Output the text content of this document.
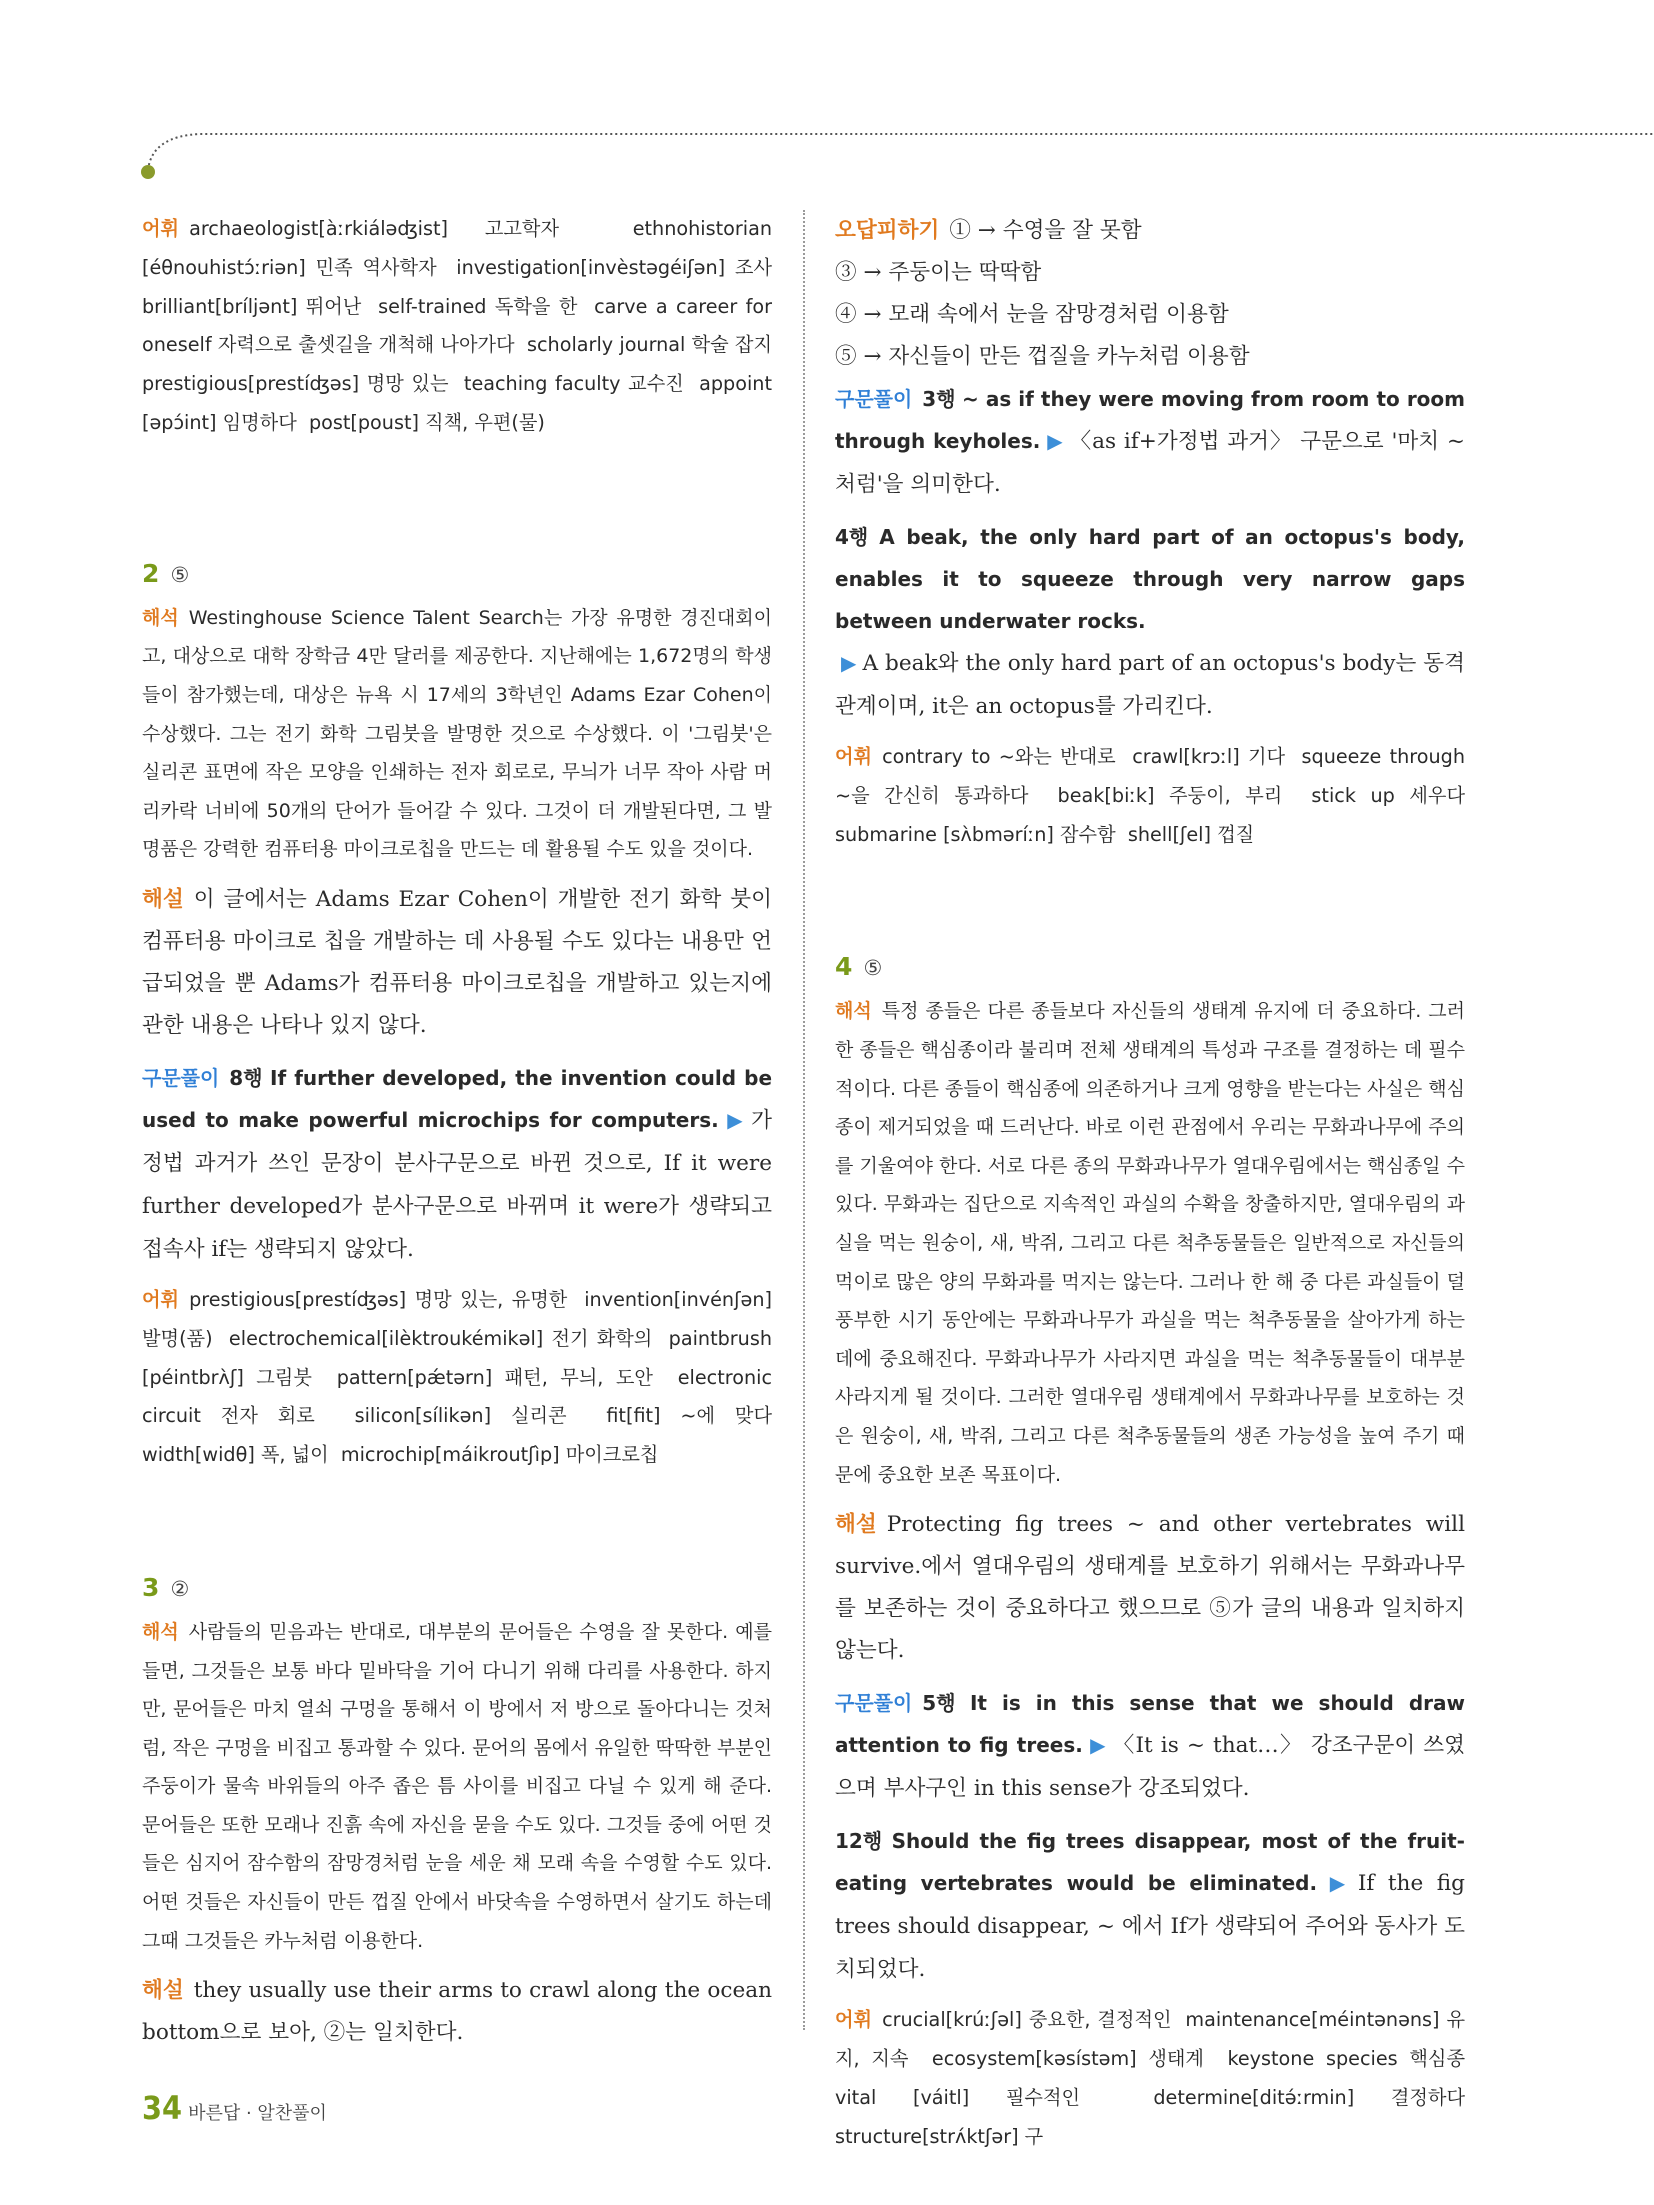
어휘 archaeologist[àːrkiáləʤist] 고고학자  ethnohistorian [éθnouhistɔ́ːriən] 민족 역사학자  investigation[invèstəgéiʃən] 조사  brilliant[bríljənt] 뛰어난  self-trained 독학을 한  carve a career for oneself 자력으로 출셋길을 개척해 나아가다  scholarly journal 학술 잡지  prestigious[prestíʤəs] 명망 있는  teaching faculty 교수진  appoint [əpɔ́int] 임명하다  post[poust] 직책, 우편(물)
2 ⑤
해석 Westinghouse Science Talent Search는 가장 유명한 경진대회이고, 대상으로 대학 장학금 4만 달러를 제공한다. 지난해에는 1,672명의 학생들이 참가했는데, 대상은 뉴욕 시 17세의 3학년인 Adams Ezar Cohen이 수상했다. 그는 전기 화학 그림붓을 발명한 것으로 수상했다. 이 '그림붓'은 실리콘 표면에 작은 모양을 인쇄하는 전자 회로로, 무늬가 너무 작아 사람 머리카락 너비에 50개의 단어가 들어갈 수 있다. 그것이 더 개발된다면, 그 발명품은 강력한 컴퓨터용 마이크로칩을 만드는 데 활용될 수도 있을 것이다.
해설 이 글에서는 Adams Ezar Cohen이 개발한 전기 화학 붓이 컴퓨터용 마이크로 칩을 개발하는 데 사용될 수도 있다는 내용만 언급되었을 뿐 Adams가 컴퓨터용 마이크로칩을 개발하고 있는지에 관한 내용은 나타나 있지 않다.
구문풀이 8행 If further developed, the invention could be used to make powerful microchips for computers. ▶ 가정법 과거가 쓰인 문장이 분사구문으로 바뀐 것으로, If it were further developed가 분사구문으로 바뀌며 it were가 생략되고 접속사 if는 생략되지 않았다.
어휘 prestigious[prestíʤəs] 명망 있는, 유명한  invention[invénʃən] 발명(품)  electrochemical[ilèktroukémikəl] 전기 화학의  paintbrush [péintbrʌ̀ʃ] 그림붓  pattern[pǽtərn] 패턴, 무늬, 도안  electronic circuit 전자 회로  silicon[sílikən] 실리콘  fit[fit] ~에 맞다  width[widθ] 폭, 넓이  microchip[máikroutʃìp] 마이크로칩
3 ②
해석 사람들의 믿음과는 반대로, 대부분의 문어들은 수영을 잘 못한다. 예를 들면, 그것들은 보통 바다 밑바닥을 기어 다니기 위해 다리를 사용한다. 하지만, 문어들은 마치 열쇠 구멍을 통해서 이 방에서 저 방으로 돌아다니는 것처럼, 작은 구멍을 비집고 통과할 수 있다. 문어의 몸에서 유일한 딱딱한 부분인 주둥이가 물속 바위들의 아주 좁은 틈 사이를 비집고 다닐 수 있게 해 준다. 문어들은 또한 모래나 진흙 속에 자신을 묻을 수도 있다. 그것들 중에 어떤 것들은 심지어 잠수함의 잠망경처럼 눈을 세운 채 모래 속을 수영할 수도 있다. 어떤 것들은 자신들이 만든 껍질 안에서 바닷속을 수영하면서 살기도 하는데 그때 그것들은 카누처럼 이용한다.
해설 they usually use their arms to crawl along the ocean bottom으로 보아, ②는 일치한다.
오답피하기 ① → 수영을 잘 못함
③ → 주둥이는 딱딱함
④ → 모래 속에서 눈을 잠망경처럼 이용함
⑤ → 자신들이 만든 껍질을 카누처럼 이용함
구문풀이 3행 ~ as if they were moving from room to room through keyholes. ▶ 〈as if+가정법 과거〉 구문으로 '마치 ~처럼'을 의미한다.
4행 A beak, the only hard part of an octopus's body, enables it to squeeze through very narrow gaps between underwater rocks.
▶ A beak와 the only hard part of an octopus's body는 동격관계이며, it은 an octopus를 가리킨다.
어휘 contrary to ~와는 반대로  crawl[krɔːl] 기다  squeeze through ~을 간신히 통과하다  beak[biːk] 주둥이, 부리  stick up 세우다  submarine [sʌ̀bməríːn] 잠수함  shell[ʃel] 껍질
4 ⑤
해석 특정 종들은 다른 종들보다 자신들의 생태계 유지에 더 중요하다. 그러한 종들은 핵심종이라 불리며 전체 생태계의 특성과 구조를 결정하는 데 필수적이다. 다른 종들이 핵심종에 의존하거나 크게 영향을 받는다는 사실은 핵심종이 제거되었을 때 드러난다. 바로 이런 관점에서 우리는 무화과나무에 주의를 기울여야 한다. 서로 다른 종의 무화과나무가 열대우림에서는 핵심종일 수 있다. 무화과는 집단으로 지속적인 과실의 수확을 창출하지만, 열대우림의 과실을 먹는 원숭이, 새, 박쥐, 그리고 다른 척추동물들은 일반적으로 자신들의 먹이로 많은 양의 무화과를 먹지는 않는다. 그러나 한 해 중 다른 과실들이 덜 풍부한 시기 동안에는 무화과나무가 과실을 먹는 척추동물을 살아가게 하는 데에 중요해진다. 무화과나무가 사라지면 과실을 먹는 척추동물들이 대부분 사라지게 될 것이다. 그러한 열대우림 생태계에서 무화과나무를 보호하는 것은 원숭이, 새, 박쥐, 그리고 다른 척추동물들의 생존 가능성을 높여 주기 때문에 중요한 보존 목표이다.
해설 Protecting fig trees ~ and other vertebrates will survive.에서 열대우림의 생태계를 보호하기 위해서는 무화과나무를 보존하는 것이 중요하다고 했으므로 ⑤가 글의 내용과 일치하지 않는다.
구문풀이 5행 It is in this sense that we should draw attention to fig trees. ▶ 〈It is ~ that…〉 강조구문이 쓰였으며 부사구인 in this sense가 강조되었다.
12행 Should the fig trees disappear, most of the fruit-eating vertebrates would be eliminated. ▶ If the fig trees should disappear, ~ 에서 If가 생략되어 주어와 동사가 도치되었다.
어휘 crucial[krúːʃəl] 중요한, 결정적인  maintenance[méintənəns] 유지, 지속  ecosystem[kəsístəm] 생태계  keystone species 핵심종  vital [váitl] 필수적인  determine[ditə́ːrmin] 결정하다  structure[strʌ́ktʃər] 구
34 바른답 · 알찬풀이
